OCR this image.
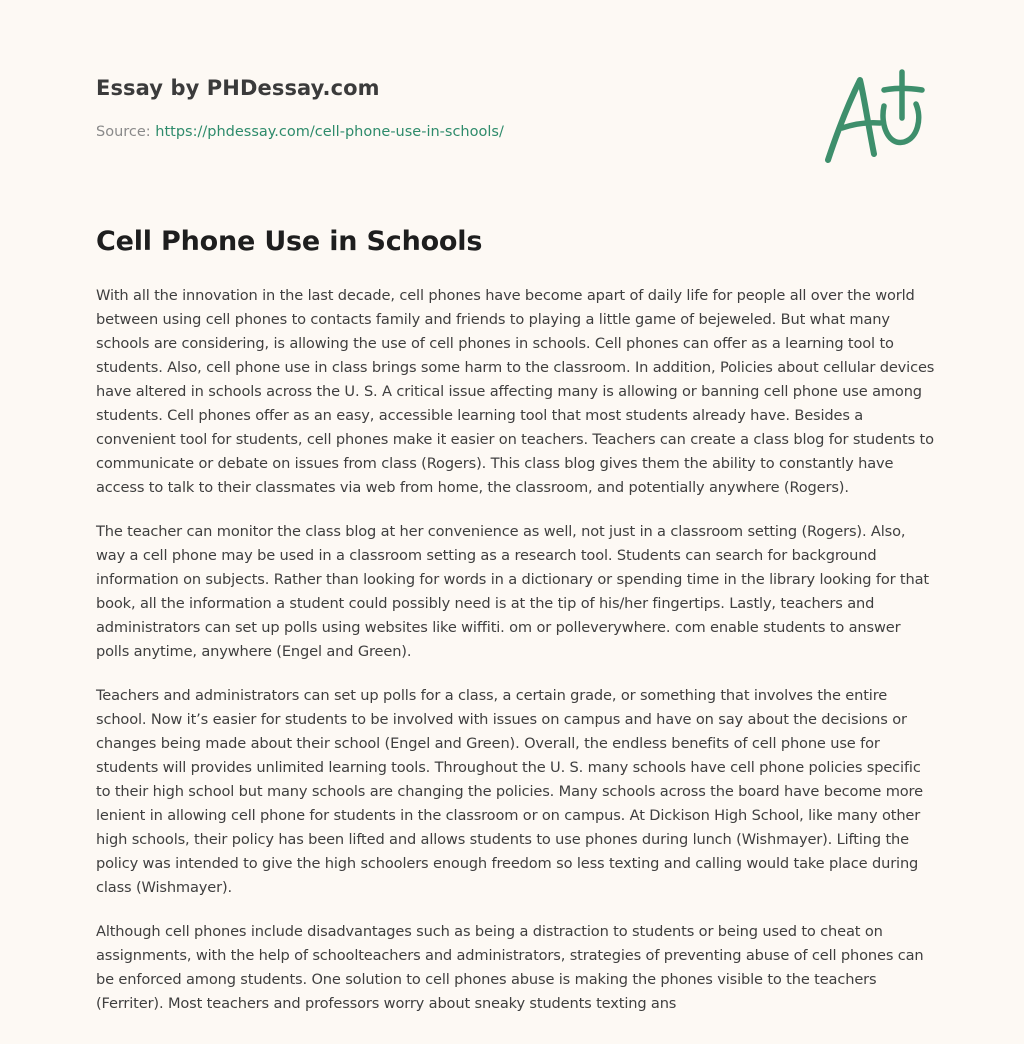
Essay by PHDessay.com

Source: https://phdessay.com/cell-phone-use-in-schools/

Cell Phone Use in Schools

With all the innovation in the last decade, cell phones have become apart of daily life for people all over the world between using cell phones to contacts family and friends to playing a little game of bejeweled. But what many schools are considering, is allowing the use of cell phones in schools. Cell phones can offer as a learning tool to students. Also, cell phone use in class brings some harm to the classroom. In addition, Policies about cellular devices have altered in schools across the U. S. A critical issue affecting many is allowing or banning cell phone use among students. Cell phones offer as an easy, accessible learning tool that most students already have. Besides a convenient tool for students, cell phones make it easier on teachers. Teachers can create a class blog for students to communicate or debate on issues from class (Rogers). This class blog gives them the ability to constantly have access to talk to their classmates via web from home, the classroom, and potentially anywhere (Rogers).

The teacher can monitor the class blog at her convenience as well, not just in a classroom setting (Rogers). Also, way a cell phone may be used in a classroom setting as a research tool. Students can search for background information on subjects. Rather than looking for words in a dictionary or spending time in the library looking for that book, all the information a student could possibly need is at the tip of his/her fingertips. Lastly, teachers and administrators can set up polls using websites like wiffiti. om or polleverywhere. com enable students to answer polls anytime, anywhere (Engel and Green).

Teachers and administrators can set up polls for a class, a certain grade, or something that involves the entire school. Now it’s easier for students to be involved with issues on campus and have on say about the decisions or changes being made about their school (Engel and Green). Overall, the endless benefits of cell phone use for students will provides unlimited learning tools. Throughout the U. S. many schools have cell phone policies specific to their high school but many schools are changing the policies. Many schools across the board have become more lenient in allowing cell phone for students in the classroom or on campus. At Dickison High School, like many other high schools, their policy has been lifted and allows students to use phones during lunch (Wishmayer). Lifting the policy was intended to give the high schoolers enough freedom so less texting and calling would take place during class (Wishmayer).

Although cell phones include disadvantages such as being a distraction to students or being used to cheat on assignments, with the help of schoolteachers and administrators, strategies of preventing abuse of cell phones can be enforced among students. One solution to cell phones abuse is making the phones visible to the teachers (Ferriter). Most teachers and professors worry about sneaky students texting ans
